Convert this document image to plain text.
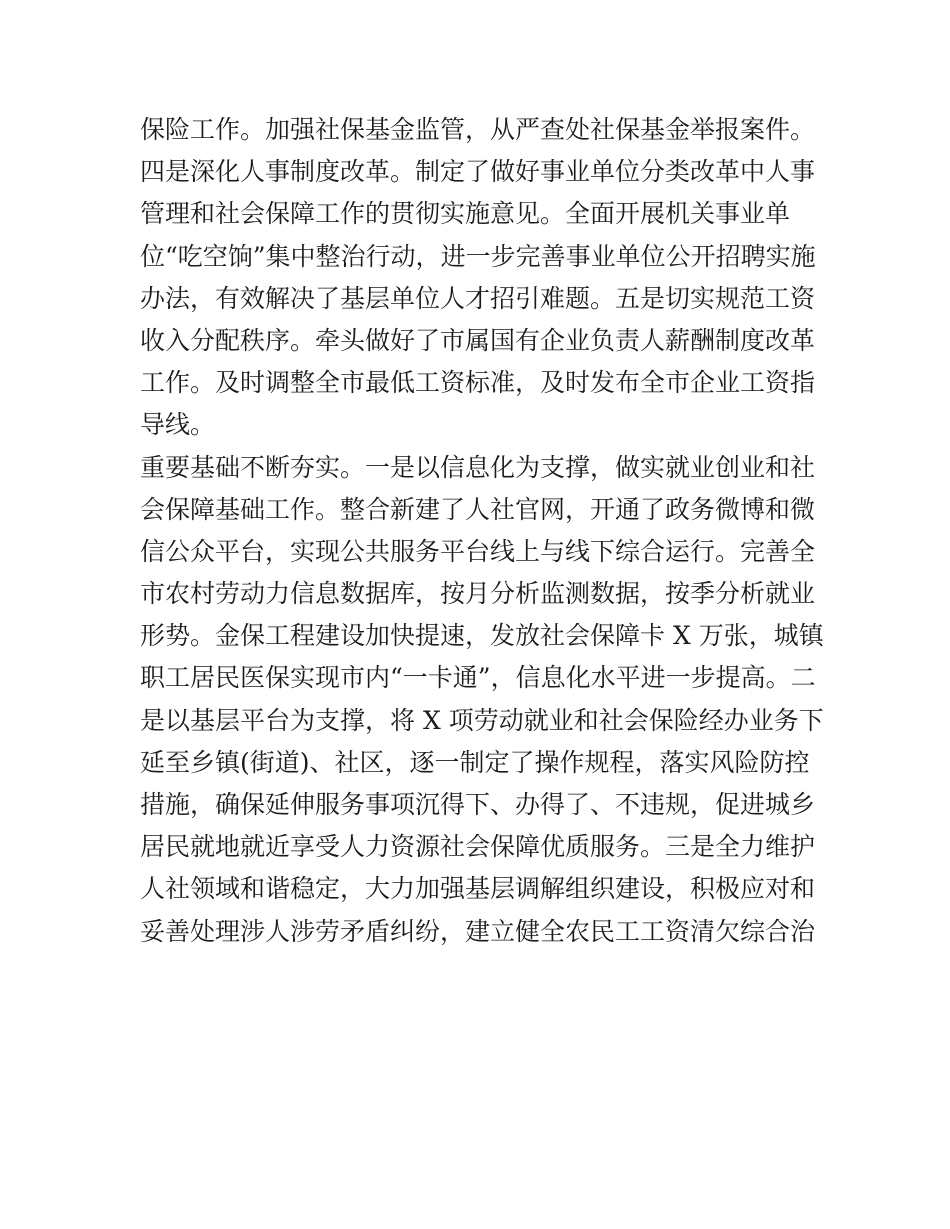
保险工作。加强社保基金监管，从严查处社保基金举报案件。
四是深化人事制度改革。制定了做好事业单位分类改革中人事
管理和社会保障工作的贯彻实施意见。全面开展机关事业单
位“吃空饷”集中整治行动，进一步完善事业单位公开招聘实施
办法，有效解决了基层单位人才招引难题。五是切实规范工资
收入分配秩序。牵头做好了市属国有企业负责人薪酬制度改革
工作。及时调整全市最低工资标准，及时发布全市企业工资指
导线。
重要基础不断夯实。一是以信息化为支撑，做实就业创业和社
会保障基础工作。整合新建了人社官网，开通了政务微博和微
信公众平台，实现公共服务平台线上与线下综合运行。完善全
市农村劳动力信息数据库，按月分析监测数据，按季分析就业
形势。金保工程建设加快提速，发放社会保障卡 X 万张，城镇
职工居民医保实现市内“一卡通”，信息化水平进一步提高。二
是以基层平台为支撑，将 X 项劳动就业和社会保险经办业务下
延至乡镇(街道)、社区，逐一制定了操作规程，落实风险防控
措施，确保延伸服务事项沉得下、办得了、不违规，促进城乡
居民就地就近享受人力资源社会保障优质服务。三是全力维护
人社领域和谐稳定，大力加强基层调解组织建设，积极应对和
妥善处理涉人涉劳矛盾纠纷，建立健全农民工工资清欠综合治
